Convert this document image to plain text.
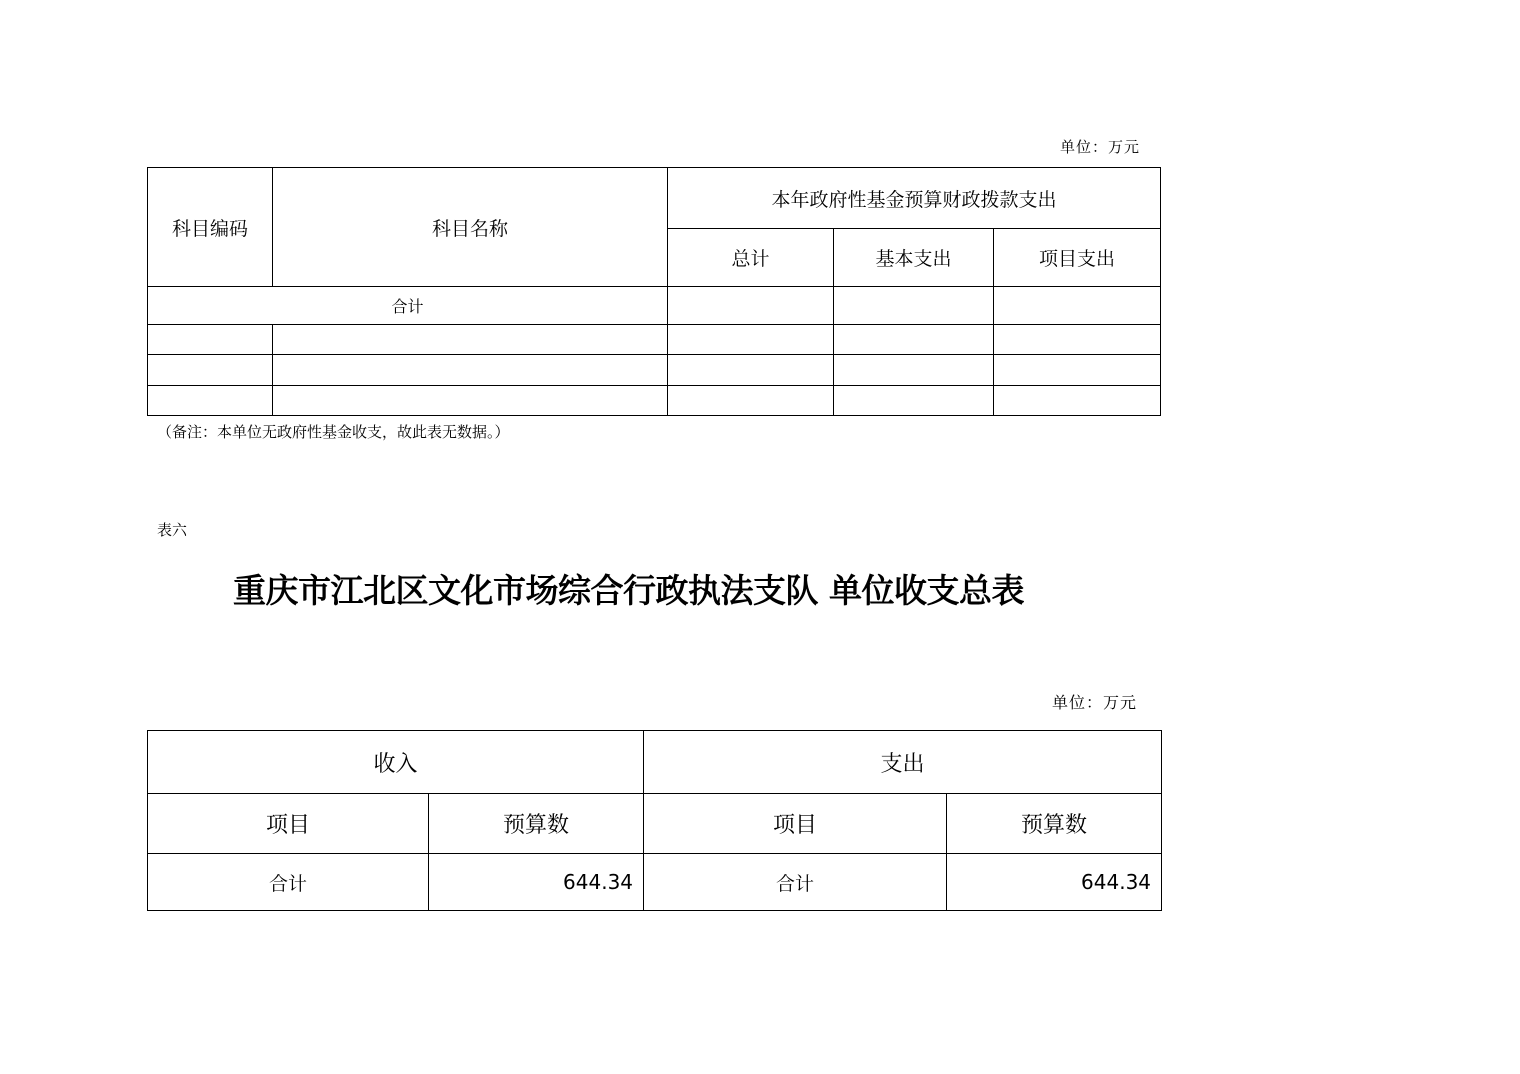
单位：万元
科目编码	科目名称	本年政府性基金预算财政拨款支出		
		总计	基本支出	项目支出
合计				

（备注：本单位无政府性基金收支，故此表无数据。）
表六
重庆市江北区文化市场综合行政执法支队 单位收支总表
单位：万元
收入		支出	
项目	预算数	项目	预算数
合计	644.34	合计	644.34
